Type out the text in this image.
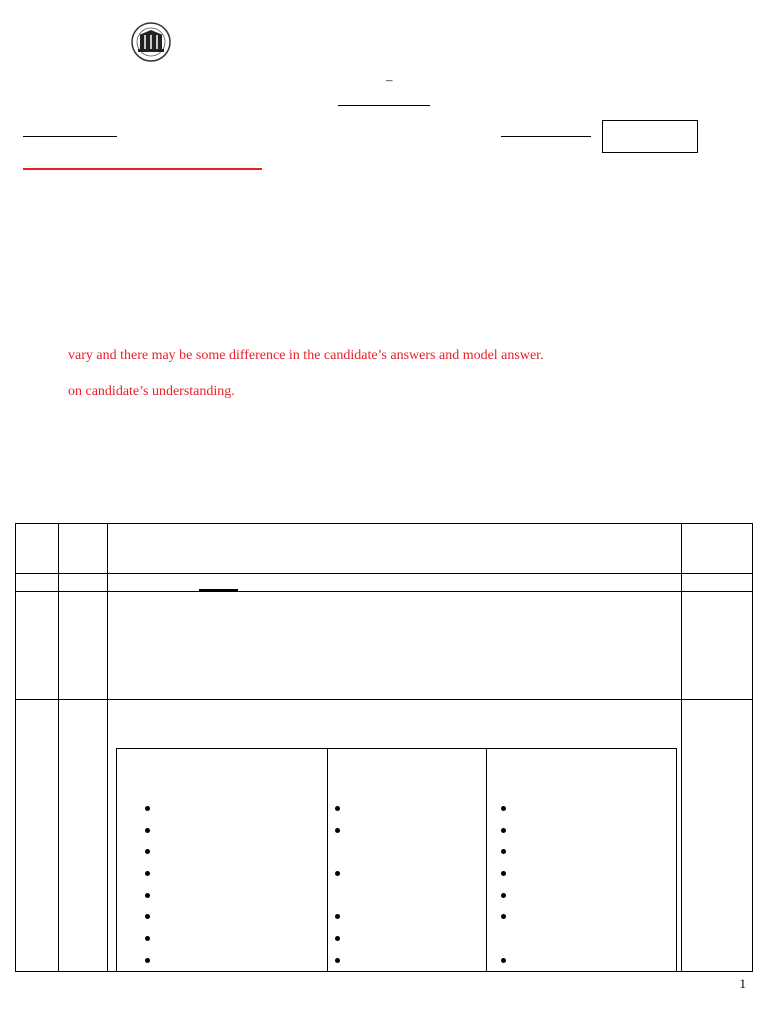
–
vary and there may be some difference in the candidate’s answers and model answer.
on candidate’s understanding.
1
